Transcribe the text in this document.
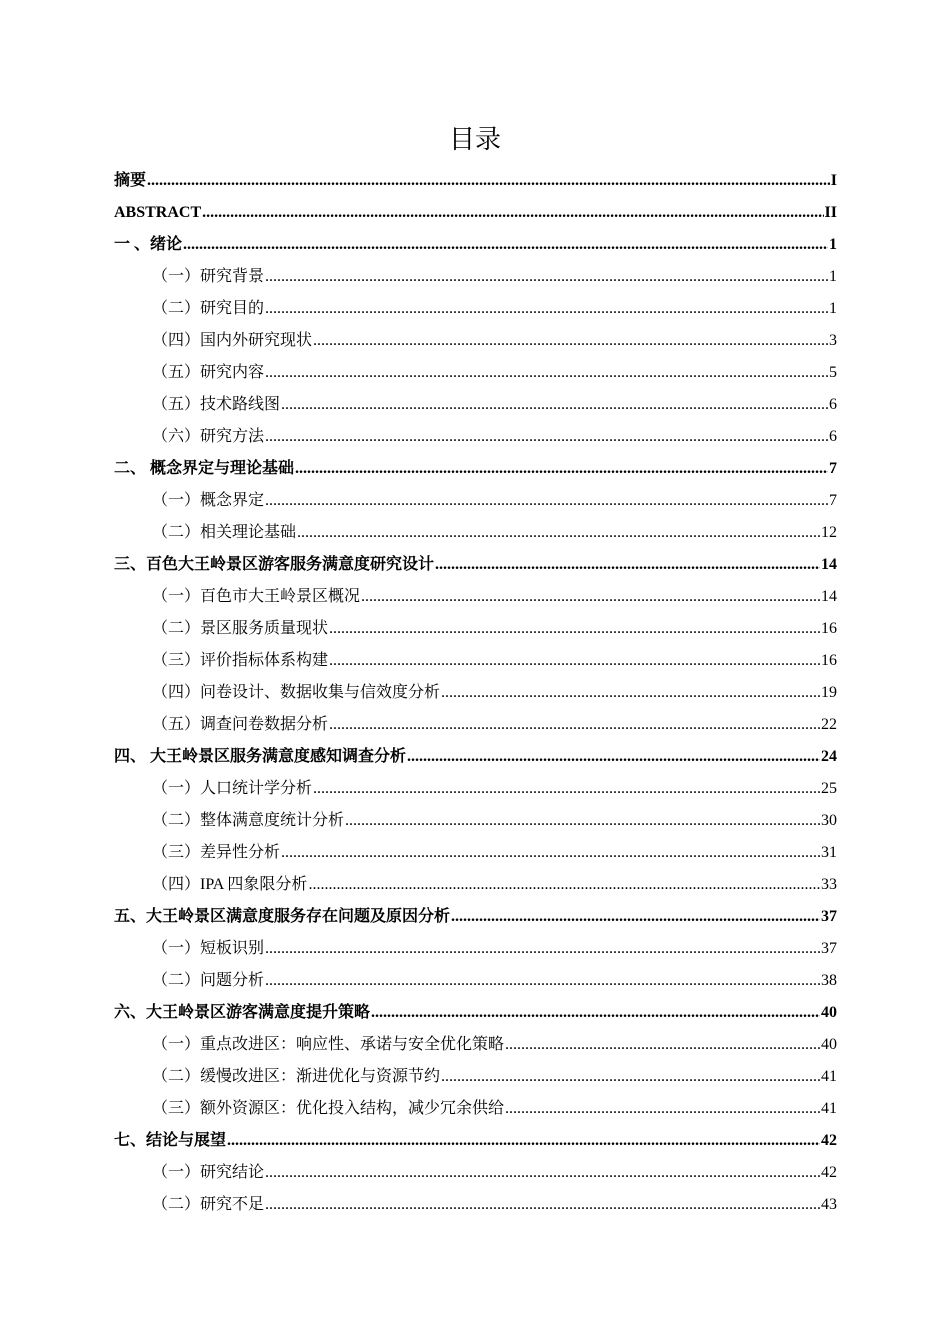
目录
摘要 .....	I
ABSTRACT .....	II
一 、绪论 .....	1
（一）研究背景 .....	1
（二）研究目的 .....	1
（四）国内外研究现状 .....	3
（五）研究内容 .....	5
（五）技术路线图 .....	6
（六）研究方法 .....	6
二、 概念界定与理论基础 .....	7
（一）概念界定 .....	7
（二）相关理论基础 .....	12
三、百色大王岭景区游客服务满意度研究设计 .....	14
（一）百色市大王岭景区概况 .....	14
（二）景区服务质量现状 .....	16
（三）评价指标体系构建 .....	16
（四）问卷设计、数据收集与信效度分析 .....	19
（五）调查问卷数据分析 .....	22
四、 大王岭景区服务满意度感知调查分析 .....	24
（一）人口统计学分析 .....	25
（二）整体满意度统计分析 .....	30
（三）差异性分析 .....	31
（四）IPA 四象限分析 .....	33
五、大王岭景区满意度服务存在问题及原因分析 .....	37
（一）短板识别 .....	37
（二）问题分析 .....	38
六、大王岭景区游客满意度提升策略 .....	40
（一）重点改进区：响应性、承诺与安全优化策略 .....	40
（二）缓慢改进区：渐进优化与资源节约 .....	41
（三）额外资源区：优化投入结构，减少冗余供给 .....	41
七、结论与展望 .....	42
（一）研究结论 .....	42
（二）研究不足 .....	43
